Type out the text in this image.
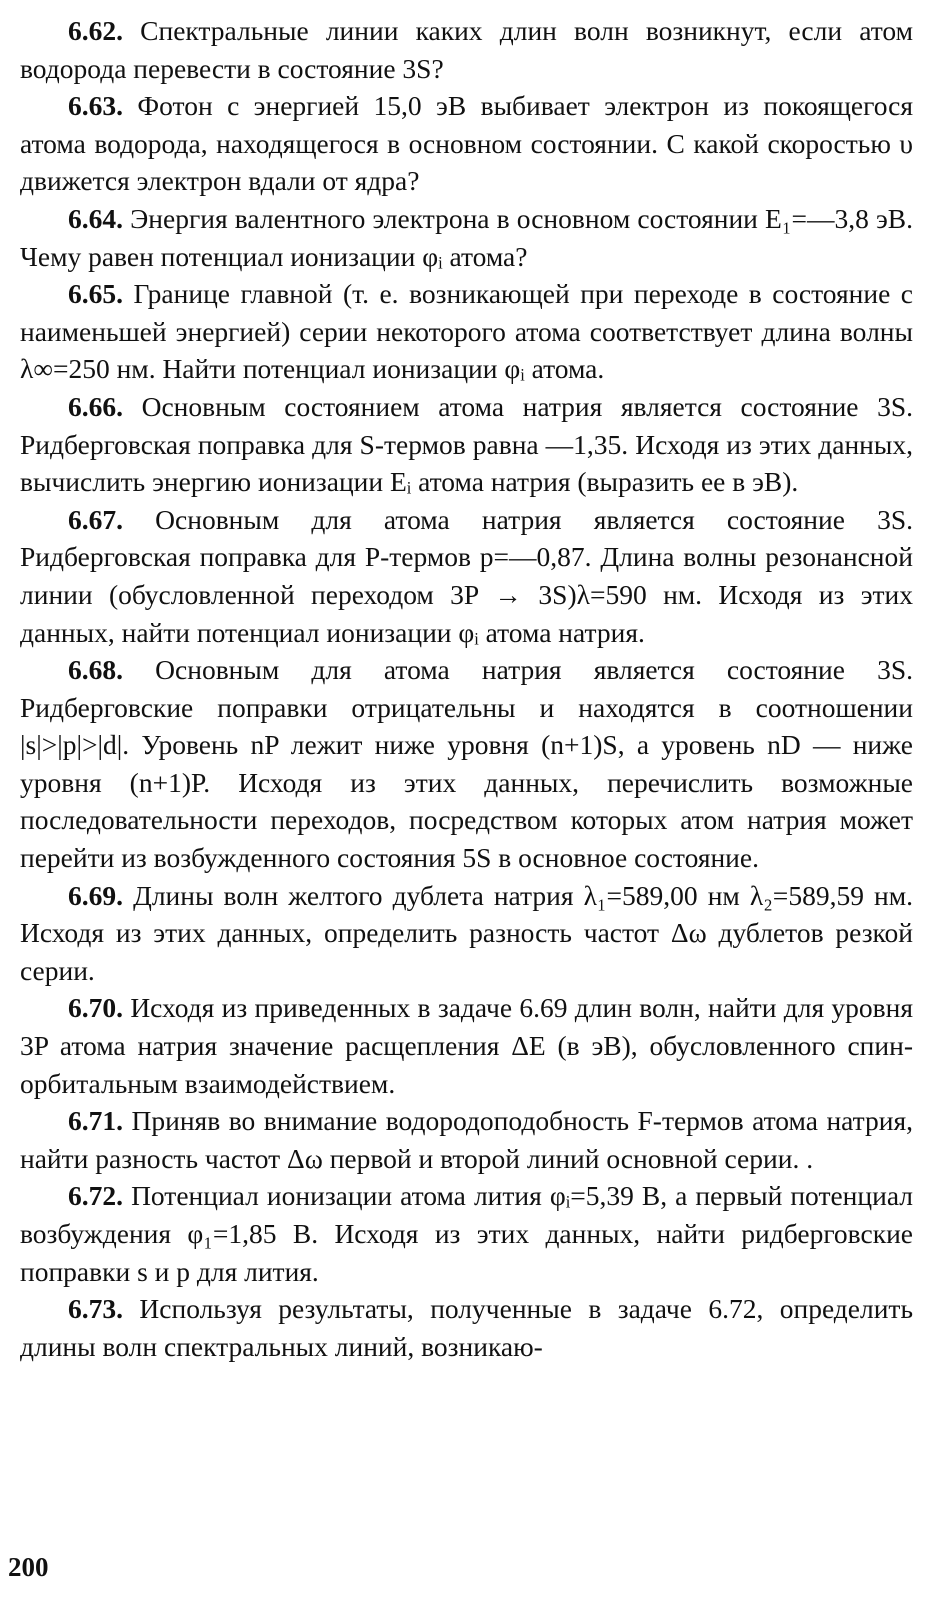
6.62. Спектральные линии каких длин волн возникнут, если атом водорода перевести в состояние 3S?

6.63. Фотон с энергией 15,0 эВ выбивает электрон из покоящегося атома водорода, находящегося в основном состоянии. С какой скоростью υ движется электрон вдали от ядра?

6.64. Энергия валентного электрона в основном состоянии E₁=—3,8 эВ. Чему равен потенциал ионизации φᵢ атома?

6.65. Границе главной (т. е. возникающей при переходе в состояние с наименьшей энергией) серии некоторого атома соответствует длина волны λ∞=250 нм. Найти потенциал ионизации φᵢ атома.

6.66. Основным состоянием атома натрия является состояние 3S. Ридберговская поправка для S-термов равна —1,35. Исходя из этих данных, вычислить энергию ионизации Eᵢ атома натрия (выразить ее в эВ).

6.67. Основным для атома натрия является состояние 3S. Ридберговская поправка для P-термов p=—0,87. Длина волны резонансной линии (обусловленной переходом 3P → 3S)λ=590 нм. Исходя из этих данных, найти потенциал ионизации φᵢ атома натрия.

6.68. Основным для атома натрия является состояние 3S. Ридберговские поправки отрицательны и находятся в соотношении |s|>|p|>|d|. Уровень nP лежит ниже уровня (n+1)S, а уровень nD — ниже уровня (n+1)P. Исходя из этих данных, перечислить возможные последовательности переходов, посредством которых атом натрия может перейти из возбужденного состояния 5S в основное состояние.

6.69. Длины волн желтого дублета натрия λ₁=589,00 нм λ₂=589,59 нм. Исходя из этих данных, определить разность частот Δω дублетов резкой серии.

6.70. Исходя из приведенных в задаче 6.69 длин волн, найти для уровня 3P атома натрия значение расщепления ΔE (в эВ), обусловленного спин-орбитальным взаимодействием.

6.71. Приняв во внимание водородоподобность F-термов атома натрия, найти разность частот Δω первой и второй линий основной серии. .

6.72. Потенциал ионизации атома лития φᵢ=5,39 В, а первый потенциал возбуждения φ₁=1,85 В. Исходя из этих данных, найти ридберговские поправки s и p для лития.

6.73. Используя результаты, полученные в задаче 6.72, определить длины волн спектральных линий, возникаю-

200
